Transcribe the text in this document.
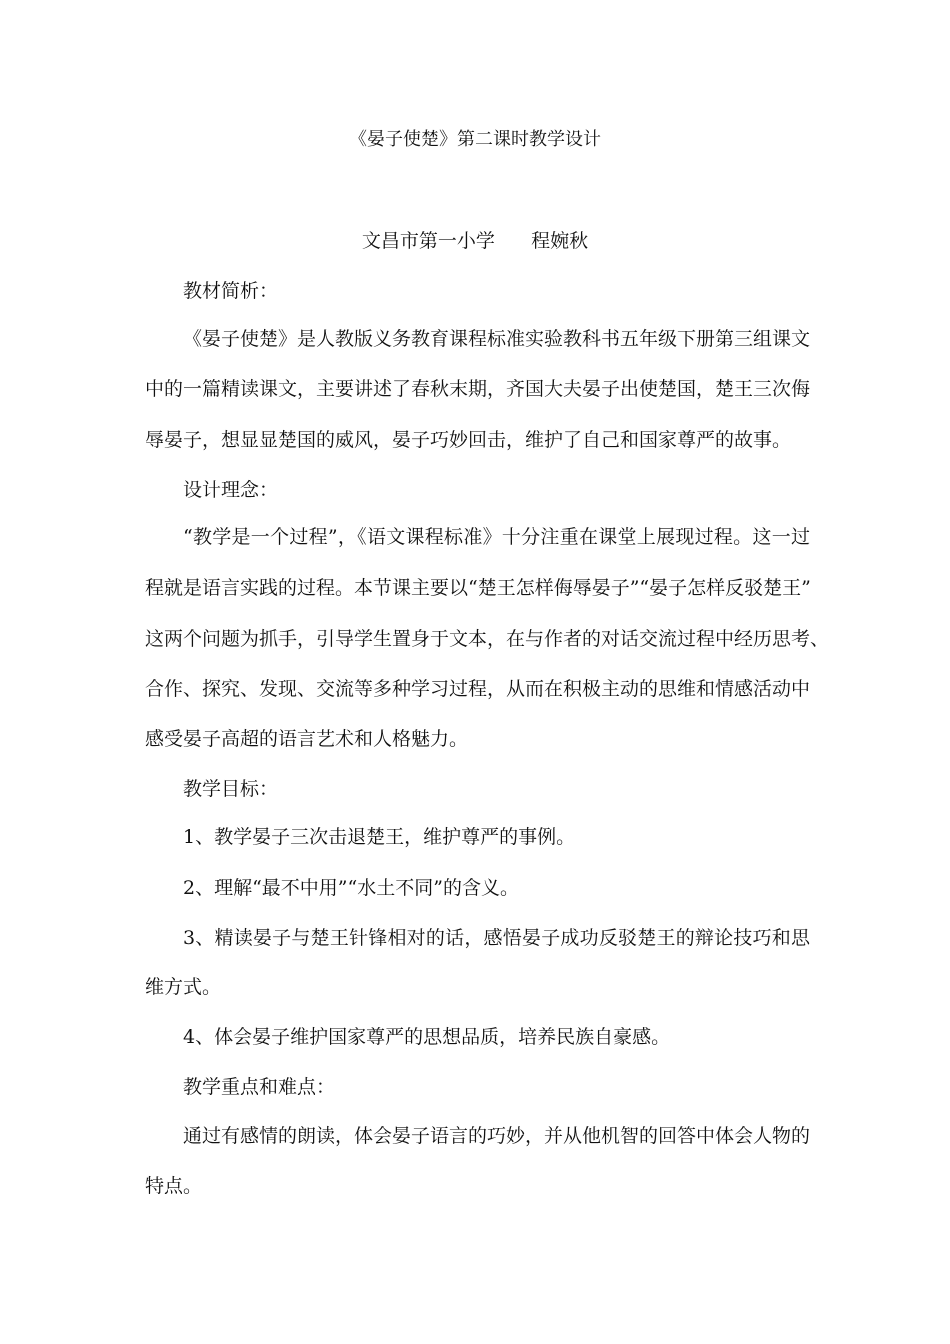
《晏子使楚》第二课时教学设计
文昌市第一小学      程婉秋
教材简析：
《晏子使楚》是人教版义务教育课程标准实验教科书五年级下册第三组课文
中的一篇精读课文，主要讲述了春秋末期，齐国大夫晏子出使楚国，楚王三次侮
辱晏子，想显显楚国的威风，晏子巧妙回击，维护了自己和国家尊严的故事。
设计理念：
“教学是一个过程”，《语文课程标准》十分注重在课堂上展现过程。这一过
程就是语言实践的过程。本节课主要以“楚王怎样侮辱晏子”“晏子怎样反驳楚王”
这两个问题为抓手，引导学生置身于文本，在与作者的对话交流过程中经历思考、
合作、探究、发现、交流等多种学习过程，从而在积极主动的思维和情感活动中
感受晏子高超的语言艺术和人格魅力。
教学目标：
1、教学晏子三次击退楚王，维护尊严的事例。
2、理解“最不中用”“水土不同”的含义。
3、精读晏子与楚王针锋相对的话，感悟晏子成功反驳楚王的辩论技巧和思
维方式。
4、体会晏子维护国家尊严的思想品质，培养民族自豪感。
教学重点和难点：
通过有感情的朗读，体会晏子语言的巧妙，并从他机智的回答中体会人物的
特点。
